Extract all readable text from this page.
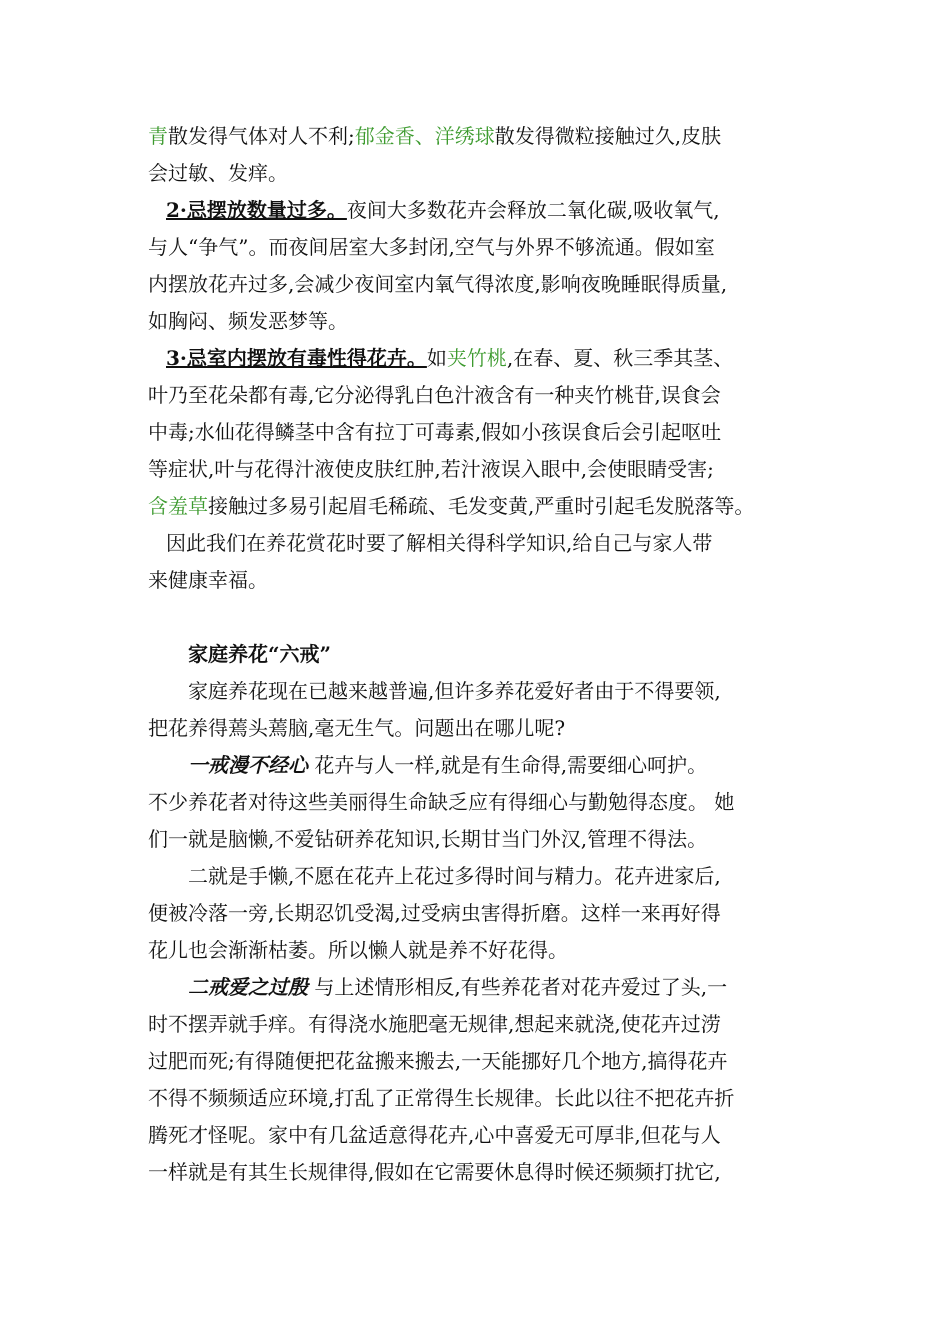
青散发得气体对人不利;郁金香、洋绣球散发得微粒接触过久,皮肤

会过敏、发痒。

2·忌摆放数量过多。夜间大多数花卉会释放二氧化碳,吸收氧气,

与人“争气”。而夜间居室大多封闭,空气与外界不够流通。假如室

内摆放花卉过多,会减少夜间室内氧气得浓度,影响夜晚睡眠得质量,

如胸闷、频发恶梦等。

3·忌室内摆放有毒性得花卉。如夹竹桃,在春、夏、秋三季其茎、

叶乃至花朵都有毒,它分泌得乳白色汁液含有一种夹竹桃苷,误食会

中毒;水仙花得鳞茎中含有拉丁可毒素,假如小孩误食后会引起呕吐

等症状,叶与花得汁液使皮肤红肿,若汁液误入眼中,会使眼睛受害;

含羞草接触过多易引起眉毛稀疏、毛发变黄,严重时引起毛发脱落等。

因此我们在养花赏花时要了解相关得科学知识,给自己与家人带

来健康幸福。

家庭养花“六戒”

家庭养花现在已越来越普遍,但许多养花爱好者由于不得要领,

把花养得蔫头蔫脑,毫无生气。问题出在哪儿呢?

一戒漫不经心 花卉与人一样,就是有生命得,需要细心呵护。

不少养花者对待这些美丽得生命缺乏应有得细心与勤勉得态度。 她

们一就是脑懒,不爱钻研养花知识,长期甘当门外汉,管理不得法。

二就是手懒,不愿在花卉上花过多得时间与精力。花卉进家后,

便被冷落一旁,长期忍饥受渴,过受病虫害得折磨。这样一来再好得

花儿也会渐渐枯萎。所以懒人就是养不好花得。

二戒爱之过殷 与上述情形相反,有些养花者对花卉爱过了头,一

时不摆弄就手痒。有得浇水施肥毫无规律,想起来就浇,使花卉过涝

过肥而死;有得随便把花盆搬来搬去,一天能挪好几个地方,搞得花卉

不得不频频适应环境,打乱了正常得生长规律。长此以往不把花卉折

腾死才怪呢。家中有几盆适意得花卉,心中喜爱无可厚非,但花与人

一样就是有其生长规律得,假如在它需要休息得时候还频频打扰它,
